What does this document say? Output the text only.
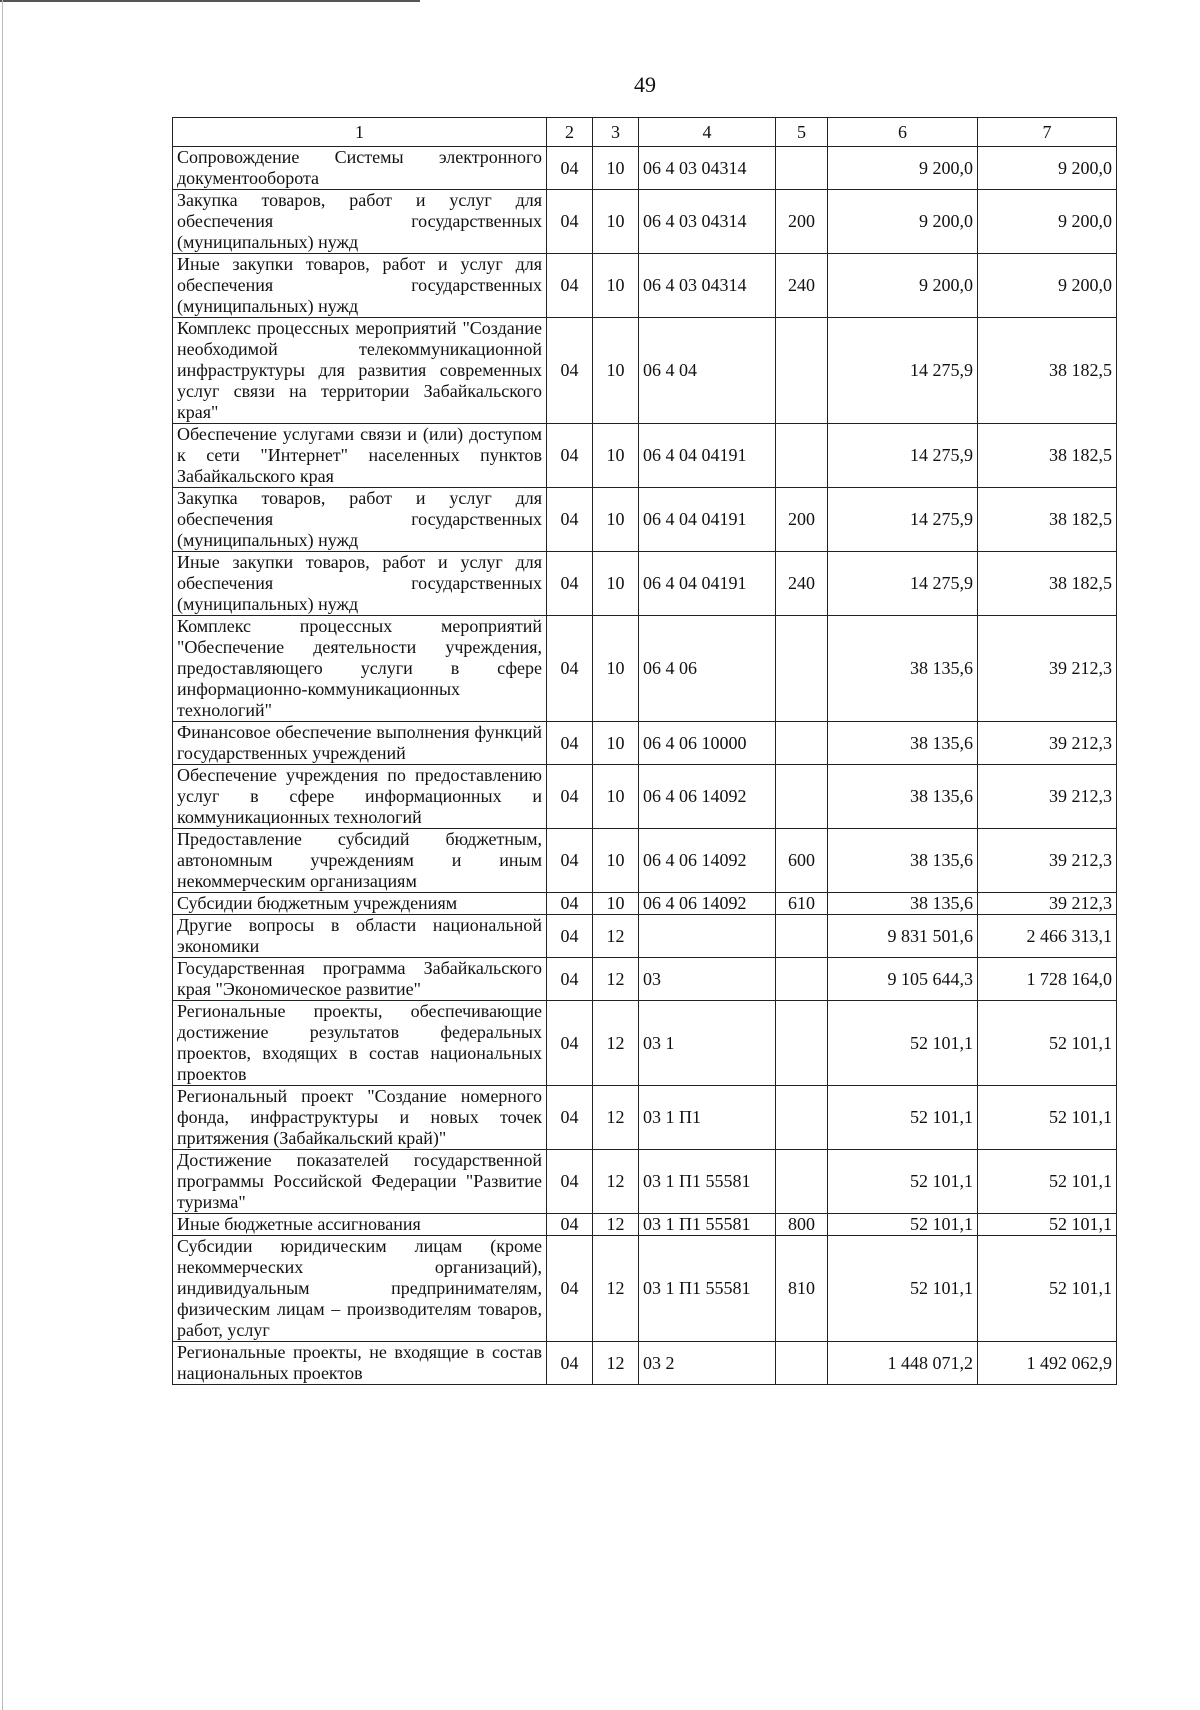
49
1	2	3	4	5	6	7
Сопровождение Системы электронного документооборота	04	10	06 4 03 04314		9 200,0	9 200,0
Закупка товаров, работ и услуг для обеспечения государственных (муниципальных) нужд	04	10	06 4 03 04314	200	9 200,0	9 200,0
Иные закупки товаров, работ и услуг для обеспечения государственных (муниципальных) нужд	04	10	06 4 03 04314	240	9 200,0	9 200,0
Комплекс процессных мероприятий "Создание необходимой телекоммуникационной инфраструктуры для развития современных услуг связи на территории Забайкальского края"	04	10	06 4 04		14 275,9	38 182,5
Обеспечение услугами связи и (или) доступом к сети "Интернет" населенных пунктов Забайкальского края	04	10	06 4 04 04191		14 275,9	38 182,5
Закупка товаров, работ и услуг для обеспечения государственных (муниципальных) нужд	04	10	06 4 04 04191	200	14 275,9	38 182,5
Иные закупки товаров, работ и услуг для обеспечения государственных (муниципальных) нужд	04	10	06 4 04 04191	240	14 275,9	38 182,5
Комплекс процессных мероприятий "Обеспечение деятельности учреждения, предоставляющего услуги в сфере информационно-коммуникационных технологий"	04	10	06 4 06		38 135,6	39 212,3
Финансовое обеспечение выполнения функций государственных учреждений	04	10	06 4 06 10000		38 135,6	39 212,3
Обеспечение учреждения по предоставлению услуг в сфере информационных и коммуникационных технологий	04	10	06 4 06 14092		38 135,6	39 212,3
Предоставление субсидий бюджетным, автономным учреждениям и иным некоммерческим организациям	04	10	06 4 06 14092	600	38 135,6	39 212,3
Субсидии бюджетным учреждениям	04	10	06 4 06 14092	610	38 135,6	39 212,3
Другие вопросы в области национальной экономики	04	12			9 831 501,6	2 466 313,1
Государственная программа Забайкальского края "Экономическое развитие"	04	12	03		9 105 644,3	1 728 164,0
Региональные проекты, обеспечивающие достижение результатов федеральных проектов, входящих в состав национальных проектов	04	12	03 1		52 101,1	52 101,1
Региональный проект "Создание номерного фонда, инфраструктуры и новых точек притяжения (Забайкальский край)"	04	12	03 1 П1		52 101,1	52 101,1
Достижение показателей государственной программы Российской Федерации "Развитие туризма"	04	12	03 1 П1 55581		52 101,1	52 101,1
Иные бюджетные ассигнования	04	12	03 1 П1 55581	800	52 101,1	52 101,1
Субсидии юридическим лицам (кроме некоммерческих организаций), индивидуальным предпринимателям, физическим лицам – производителям товаров, работ, услуг	04	12	03 1 П1 55581	810	52 101,1	52 101,1
Региональные проекты, не входящие в состав национальных проектов	04	12	03 2		1 448 071,2	1 492 062,9
